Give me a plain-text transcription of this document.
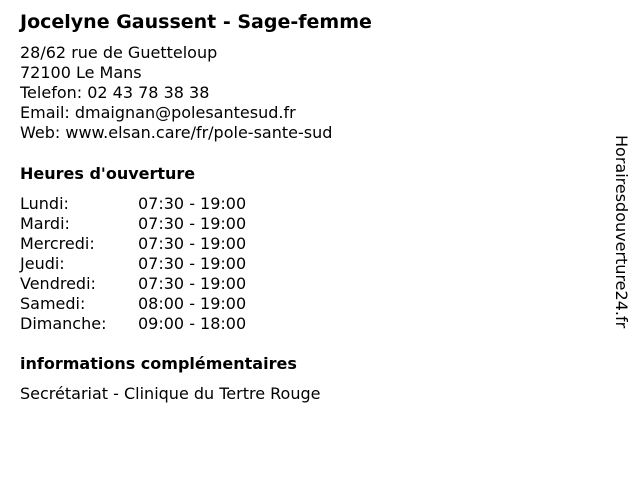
Jocelyne Gaussent - Sage-femme
28/62 rue de Guetteloup
72100 Le Mans
Telefon: 02 43 78 38 38
Email: dmaignan@polesantesud.fr
Web: www.elsan.care/fr/pole-sante-sud
Heures d'ouverture
Lundi:	07:30 - 19:00
Mardi:	07:30 - 19:00
Mercredi:	07:30 - 19:00
Jeudi:	07:30 - 19:00
Vendredi:	07:30 - 19:00
Samedi:	08:00 - 19:00
Dimanche: 09:00 - 18:00
informations complémentaires
Secrétariat - Clinique du Tertre Rouge
Horairesdouverture24.fr
